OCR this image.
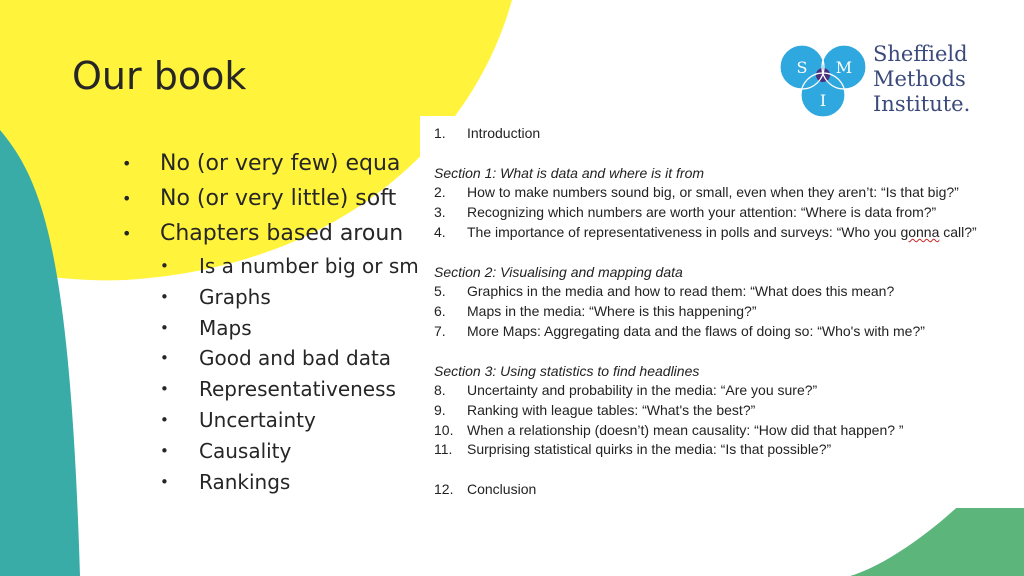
Our book
• No (or very few) equa
• No (or very little) soft
• Chapters based aroun
• Is a number big or sm
• Graphs
• Maps
• Good and bad data
• Representativeness
• Uncertainty
• Causality
• Rankings
1. Introduction
Section 1: What is data and where is it from
2. How to make numbers sound big, or small, even when they aren’t: “Is that big?”
3. Recognizing which numbers are worth your attention: “Where is data from?”
4. The importance of representativeness in polls and surveys: “Who you gonna call?”
Section 2: Visualising and mapping data
5. Graphics in the media and how to read them: “What does this mean?
6. Maps in the media: “Where is this happening?”
7. More Maps: Aggregating data and the flaws of doing so: “Who's with me?”
Section 3: Using statistics to find headlines
8. Uncertainty and probability in the media: “Are you sure?”
9. Ranking with league tables: “What's the best?”
10. When a relationship (doesn’t) mean causality: “How did that happen? ”
11. Surprising statistical quirks in the media: “Is that possible?”
12. Conclusion
S M
I
Sheffield
Methods
Institute.
